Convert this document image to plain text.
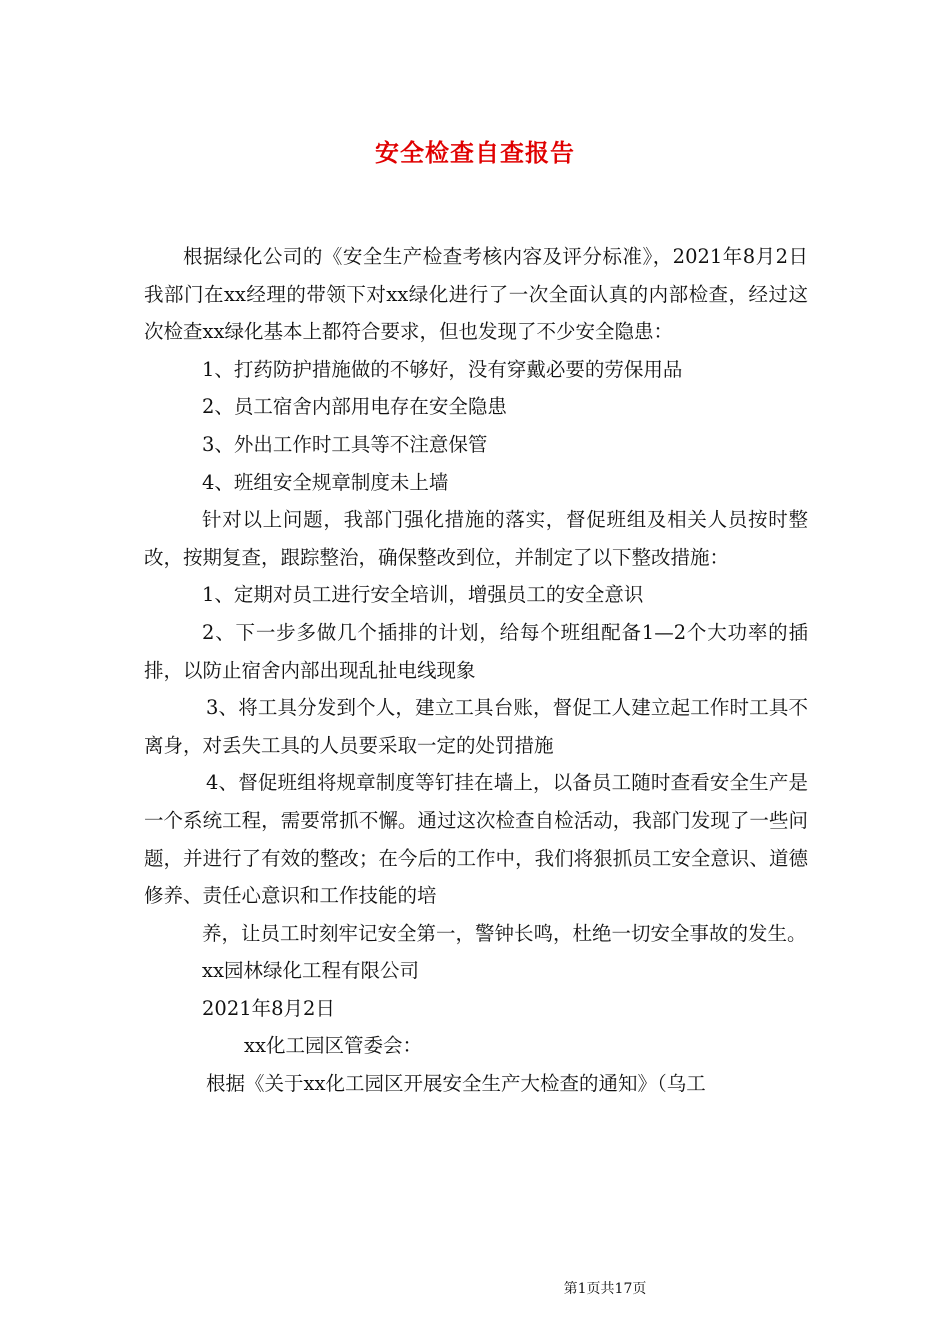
安全检查自查报告

根据绿化公司的《安全生产检查考核内容及评分标准》，2021年8月2日我部门在xx经理的带领下对xx绿化进行了一次全面认真的内部检查，经过这次检查xx绿化基本上都符合要求，但也发现了不少安全隐患：

1、打药防护措施做的不够好，没有穿戴必要的劳保用品

2、员工宿舍内部用电存在安全隐患

3、外出工作时工具等不注意保管

4、班组安全规章制度未上墙

针对以上问题，我部门强化措施的落实，督促班组及相关人员按时整改，按期复查，跟踪整治，确保整改到位，并制定了以下整改措施：

1、定期对员工进行安全培训，增强员工的安全意识

2、下一步多做几个插排的计划，给每个班组配备1—2个大功率的插排，以防止宿舍内部出现乱扯电线现象

3、将工具分发到个人，建立工具台账，督促工人建立起工作时工具不离身，对丢失工具的人员要采取一定的处罚措施

4、督促班组将规章制度等钉挂在墙上，以备员工随时查看安全生产是一个系统工程，需要常抓不懈。通过这次检查自检活动，我部门发现了一些问题，并进行了有效的整改；在今后的工作中，我们将狠抓员工安全意识、道德修养、责任心意识和工作技能的培

养，让员工时刻牢记安全第一，警钟长鸣，杜绝一切安全事故的发生。

xx园林绿化工程有限公司

2021年8月2日

xx化工园区管委会：

根据《关于xx化工园区开展安全生产大检查的通知》（乌工

第1页共17页
